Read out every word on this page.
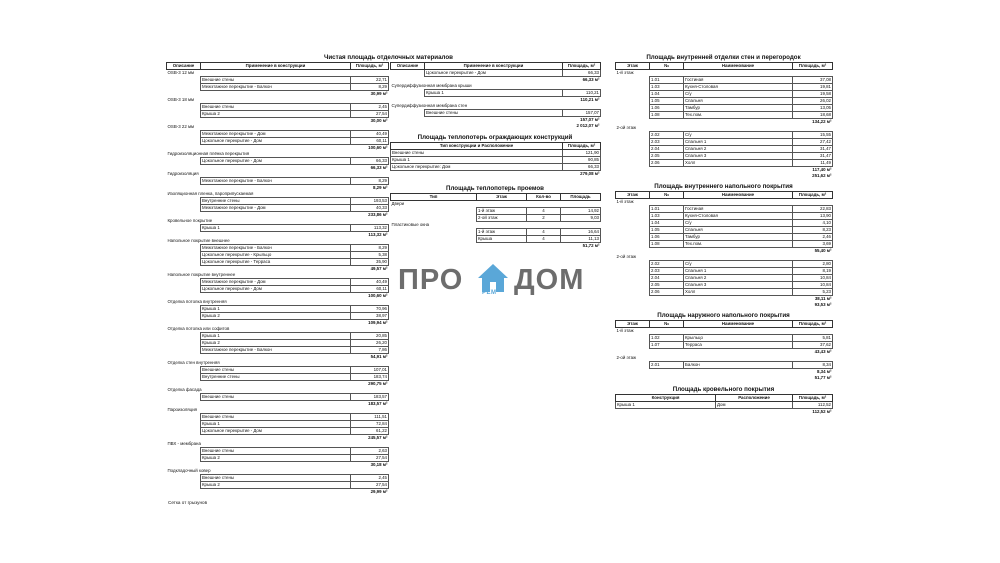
Чистая площадь отделочных материалов
Описание	Применение в конструкции	Площадь, м²
OSB-3 12 мм		
	Внешние стены	22,71
	Межэтажное перекрытие - Балкон	8,29
		30,99 м²
OSB-3 18 мм		
	Внешние стены	2,45
	Крыша 2	27,54
		30,00 м²
OSB-3 22 мм		
	Межэтажное перекрытие - Дом	40,49
	Цокольное перекрытие - Дом	60,11
		100,60 м²
Гидроизоляционная плёнка перекрытия		
	Цокольное перекрытие - Дом	66,33
		66,33 м²
Гидроизоляция		
	Межэтажное перекрытие - Балкон	8,29
		8,29 м²
Изоляционная пленка, пароприпускаемая		
	Внутренние стены	193,53
	Межэтажное перекрытие - Дом	40,33
		233,86 м²
Кровельное покрытие		
	Крыша 1	113,32
		113,32 м²
Напольное покрытие внешнее		
	Межэтажное перекрытие - Балкон	8,29
	Цокольное перекрытие - Крыльцо	5,38
	Цокольное перекрытие - Терраса	35,90
		49,57 м²
Напольное покрытие внутреннее		
	Межэтажное перекрытие - Дом	40,49
	Цокольное перекрытие - Дом	60,11
		100,60 м²
Отделка потолка внутренняя		
	Крыша 1	70,96
	Крыша 2	38,97
		109,94 м²
Отделка потолка или софитов		
	Крыша 1	20,85
	Крыша 2	26,20
	Межэтажное перекрытие - Балкон	7,86
		54,91 м²
Отделка стен внутренняя		
	Внешние стены	107,01
	Внутренние стены	183,74
		290,75 м²
Отделка фасада		
	Внешние стены	183,57
		183,57 м²
Пароизоляция		
	Внешние стены	111,51
	Крыша 1	72,84
	Цокольное перекрытие - Дом	61,22
		245,57 м²
ПВХ - мембрана		
	Внешние стены	2,63
	Крыша 2	27,54
		30,18 м²
Подкладочный ковер		
	Внешние стены	2,45
	Крыша 2	27,54
		29,99 м²
Сетка от грызунов
Описание	Применение в конструкции	Площадь, м²
	Цокольное перекрытие - Дом	66,33
		66,33 м²
Супердиффузионная мембрана крыши		
	Крыша 1	110,21
		110,21 м²
Супердиффузионная мембрана стен		
	Внешние стены	157,07
		157,07 м²
		2 012,07 м²
Площадь теплопотерь ограждающих конструкций
Тип конструкции и Расположение	Площадь, м²
Внешние стены	121,90
Крыша 1	90,85
Цокольное перекрытие: Дом	66,33
	279,08 м²
Площадь теплопотерь проемов
Тип	Этаж	Кол-во	Площадь
Двери			
	1-й этаж	4	14,92
	2-ой этаж	2	9,03
Пластиковые окна			
	1-й этаж	4	16,64
	Крыша	4	11,13
			51,72 м²
Площадь внутренней отделки стен и перегородок
Этаж	№	Наименование	Площадь, м²
1-й этаж			
	1.01	Гостиная	37,08
	1.03	Кухня-Столовая	19,81
	1.04	С/у	19,58
	1.05	Спальня	26,02
	1.06	Тамбур	13,05
	1.08	Тех.пом.	18,68
			134,22 м²
2-ой этаж			
	2.02	С/у	15,55
	2.03	Спальня 1	27,42
	2.04	Спальня 2	31,47
	2.05	Спальня 3	31,47
	2.06	Холл	11,49
			117,40 м²
			251,62 м²
Площадь внутреннего напольного покрытия
Этаж	№	Наименование	Площадь, м²
1-й этаж			
	1.01	Гостиная	22,83
	1.03	Кухня-Столовая	13,90
	1.04	С/у	4,10
	1.05	Спальня	8,23
	1.06	Тамбур	2,46
	1.08	Тех.пом.	3,69
			55,40 м²
2-ой этаж			
	2.02	С/у	2,80
	2.03	Спальня 1	8,19
	2.04	Спальня 2	10,84
	2.05	Спальня 3	10,84
	2.06	Холл	5,23
			38,11 м²
			93,53 м²
Площадь наружного напольного покрытия
Этаж	№	Наименование	Площадь, м²
1-й этаж			
	1.02	Крыльцо	5,81
	1.07	Терраса	37,62
			43,43 м²
2-ой этаж			
	2.01	Балкон	8,34
			8,34 м²
			51,77 м²
Площадь кровельного покрытия
Конструкция	Расположение	Площадь, м²
Крыша 1	Дом	112,52
		112,52 м²
ПРО	РЕМ ДОМ
